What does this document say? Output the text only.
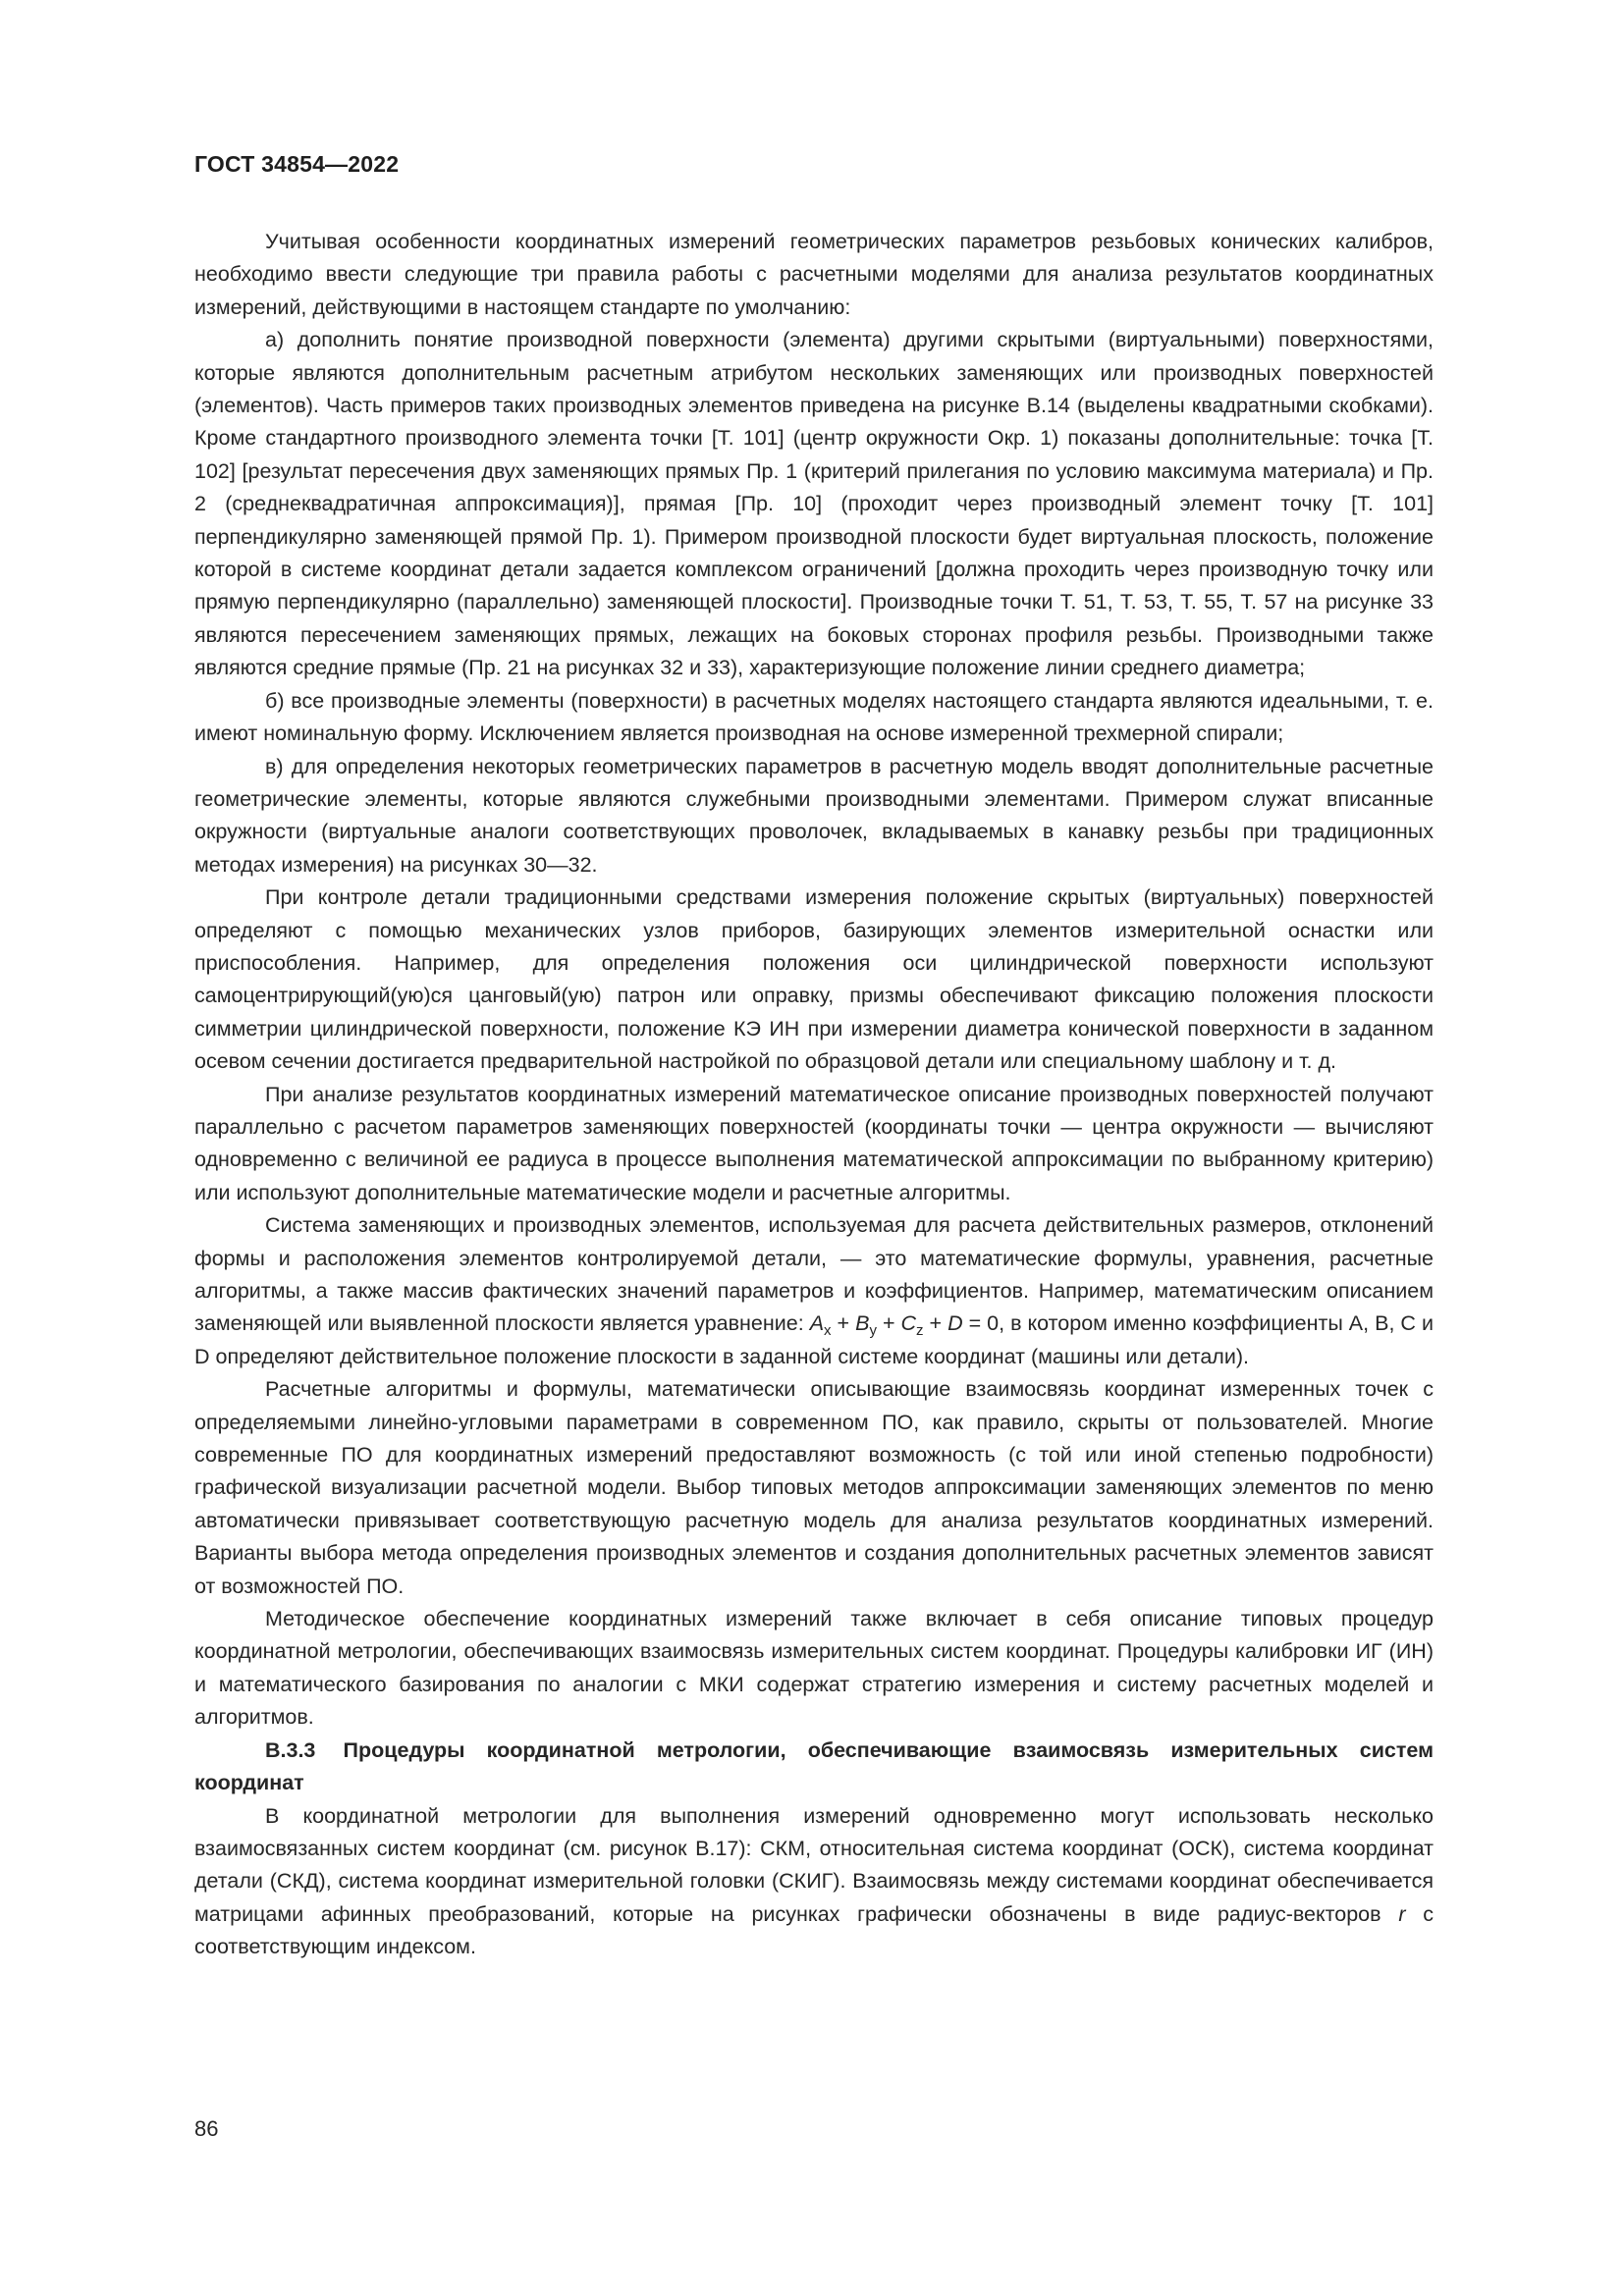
ГОСТ 34854—2022

Учитывая особенности координатных измерений геометрических параметров резьбовых конических калибров, необходимо ввести следующие три правила работы с расчетными моделями для анализа результатов координатных измерений, действующими в настоящем стандарте по умолчанию:

а) дополнить понятие производной поверхности (элемента) другими скрытыми (виртуальными) поверхностями, которые являются дополнительным расчетным атрибутом нескольких заменяющих или производных поверхностей (элементов). Часть примеров таких производных элементов приведена на рисунке В.14 (выделены квадратными скобками). Кроме стандартного производного элемента точки [Т. 101] (центр окружности Окр. 1) показаны дополнительные: точка [Т. 102] [результат пересечения двух заменяющих прямых Пр. 1 (критерий прилегания по условию максимума материала) и Пр. 2 (среднеквадратичная аппроксимация)], прямая [Пр. 10] (проходит через производный элемент точку [Т. 101] перпендикулярно заменяющей прямой Пр. 1). Примером производной плоскости будет виртуальная плоскость, положение которой в системе координат детали задается комплексом ограничений [должна проходить через производную точку или прямую перпендикулярно (параллельно) заменяющей плоскости]. Производные точки Т. 51, Т. 53, Т. 55, Т. 57 на рисунке 33 являются пересечением заменяющих прямых, лежащих на боковых сторонах профиля резьбы. Производными также являются средние прямые (Пр. 21 на рисунках 32 и 33), характеризующие положение линии среднего диаметра;

б) все производные элементы (поверхности) в расчетных моделях настоящего стандарта являются идеальными, т. е. имеют номинальную форму. Исключением является производная на основе измеренной трехмерной спирали;

в) для определения некоторых геометрических параметров в расчетную модель вводят дополнительные расчетные геометрические элементы, которые являются служебными производными элементами. Примером служат вписанные окружности (виртуальные аналоги соответствующих проволочек, вкладываемых в канавку резьбы при традиционных методах измерения) на рисунках 30—32.

При контроле детали традиционными средствами измерения положение скрытых (виртуальных) поверхностей определяют с помощью механических узлов приборов, базирующих элементов измерительной оснастки или приспособления. Например, для определения положения оси цилиндрической поверхности используют самоцентрирующий(ую)ся цанговый(ую) патрон или оправку, призмы обеспечивают фиксацию положения плоскости симметрии цилиндрической поверхности, положение КЭ ИН при измерении диаметра конической поверхности в заданном осевом сечении достигается предварительной настройкой по образцовой детали или специальному шаблону и т. д.

При анализе результатов координатных измерений математическое описание производных поверхностей получают параллельно с расчетом параметров заменяющих поверхностей (координаты точки — центра окружности — вычисляют одновременно с величиной ее радиуса в процессе выполнения математической аппроксимации по выбранному критерию) или используют дополнительные математические модели и расчетные алгоритмы.

Система заменяющих и производных элементов, используемая для расчета действительных размеров, отклонений формы и расположения элементов контролируемой детали, — это математические формулы, уравнения, расчетные алгоритмы, а также массив фактических значений параметров и коэффициентов. Например, математическим описанием заменяющей или выявленной плоскости является уравнение: $A_x + B_y + C_z + D = 0$, в котором именно коэффициенты A, B, C и D определяют действительное положение плоскости в заданной системе координат (машины или детали).

Расчетные алгоритмы и формулы, математически описывающие взаимосвязь координат измеренных точек с определяемыми линейно-угловыми параметрами в современном ПО, как правило, скрыты от пользователей. Многие современные ПО для координатных измерений предоставляют возможность (с той или иной степенью подробности) графической визуализации расчетной модели. Выбор типовых методов аппроксимации заменяющих элементов по меню автоматически привязывает соответствующую расчетную модель для анализа результатов координатных измерений. Варианты выбора метода определения производных элементов и создания дополнительных расчетных элементов зависят от возможностей ПО.

Методическое обеспечение координатных измерений также включает в себя описание типовых процедур координатной метрологии, обеспечивающих взаимосвязь измерительных систем координат. Процедуры калибровки ИГ (ИН) и математического базирования по аналогии с МКИ содержат стратегию измерения и систему расчетных моделей и алгоритмов.

В.3.3 Процедуры координатной метрологии, обеспечивающие взаимосвязь измерительных систем координат

В координатной метрологии для выполнения измерений одновременно могут использовать несколько взаимосвязанных систем координат (см. рисунок В.17): СКМ, относительная система координат (ОСК), система координат детали (СКД), система координат измерительной головки (СКИГ). Взаимосвязь между системами координат обеспечивается матрицами афинных преобразований, которые на рисунках графически обозначены в виде радиус-векторов r с соответствующим индексом.

86
